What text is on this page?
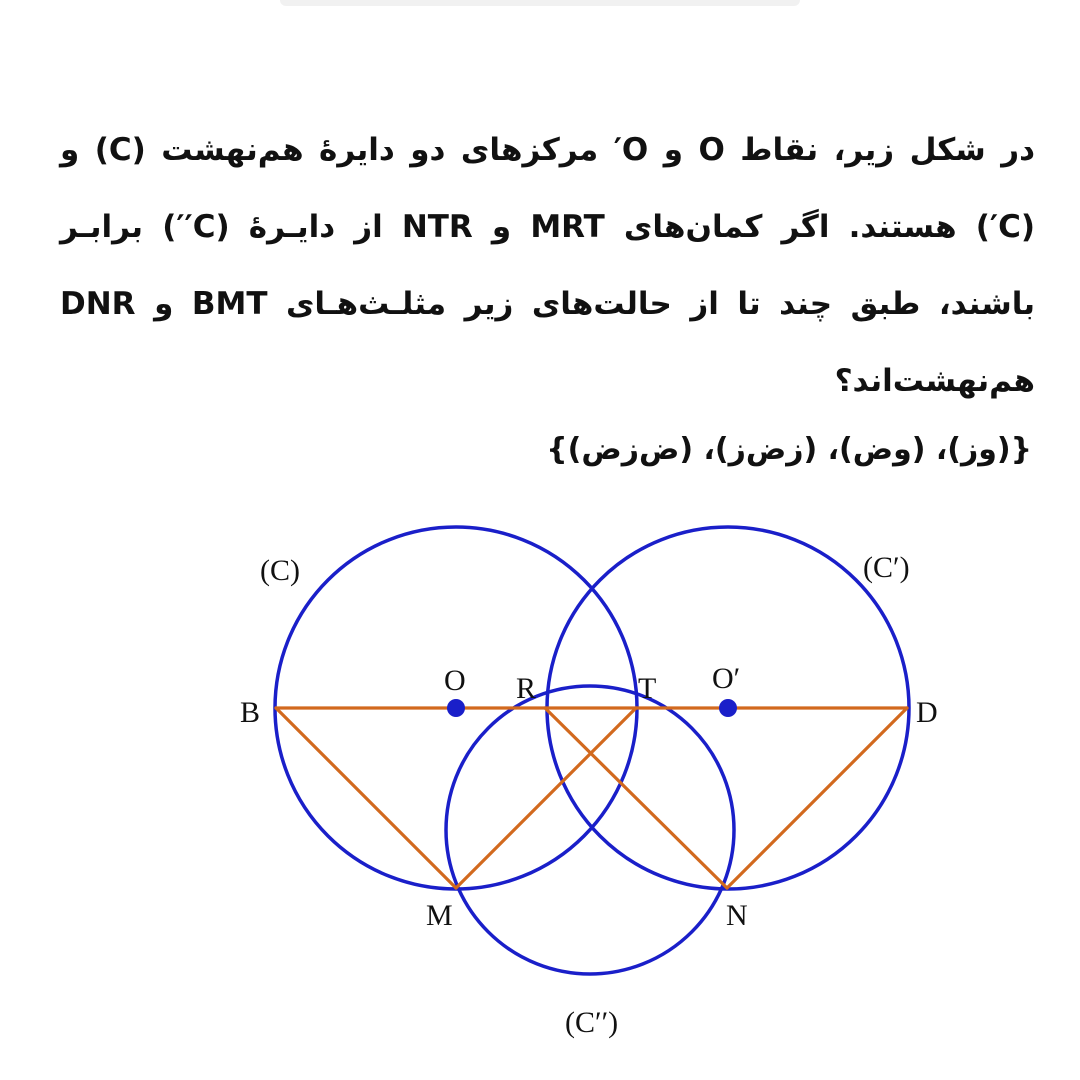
در شکل زیر، نقاط O و O′ مرکزهای دو دایرهٔ هم‌نهشت (C) و (C′) هستند. اگر کمان‌های MRT و NTR از دایـرهٔ (C′′) برابـر باشند، طبق چند تا از حالت‌های زیر مثلـث‌هـای BMT و DNR هم‌نهشت‌اند؟
{(وز)، (وض)، (زض‌ز)، (ض‌زض)}
(C)	(C′)
(C′′)
O	O′
R	T
B	D
M	N
